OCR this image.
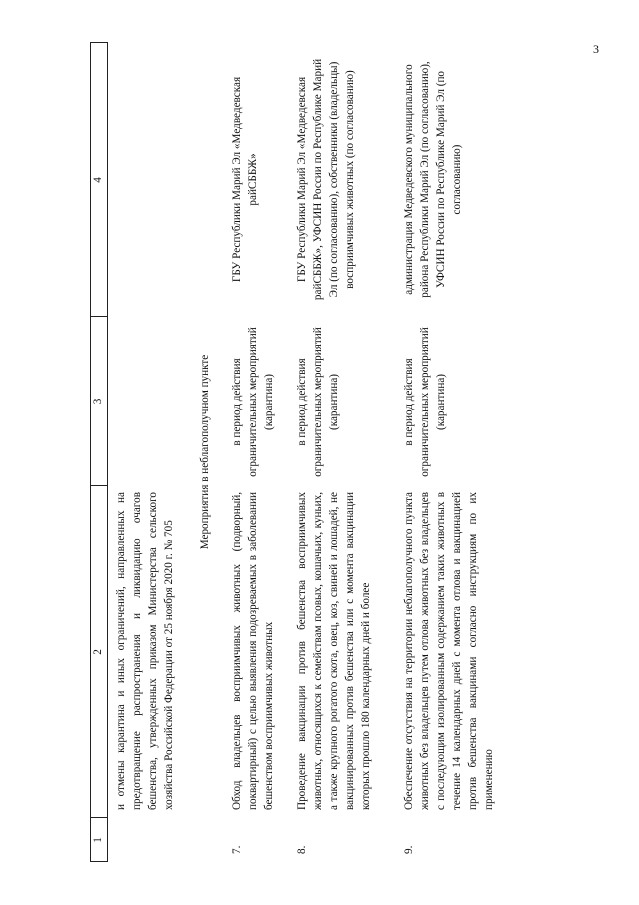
3
1
2
3
4
и отмены карантина и иных ограничений, направленных на предотвращение распространения и ликвидацию очагов бешенства, утвержденных приказом Министерства сельского хозяйства Российской Федерации от 25 ноября 2020 г. № 705
Мероприятия в неблагополучном пункте
7.
Обход владельцев восприимчивых животных (подворный, поквартирный) с целью выявления подозреваемых в заболевании бешенством восприимчивых животных
в период действия ограничительных мероприятий (карантина)
ГБУ Республики Марий Эл «Медведевская райСББЖ»
8.
Проведение вакцинации против бешенства восприимчивых животных, относящихся к семействам псовых, кошачьих, куньих, а также крупного рогатого скота, овец, коз, свиней и лошадей, не вакцинированных против бешенства или с момента вакцинации которых прошло 180 календарных дней и более
в период действия ограничительных мероприятий (карантина)
ГБУ Республики Марий Эл «Медведевская райСББЖ», УФСИН России по Республике Марий Эл (по согласованию), собственники (владельцы) восприимчивых животных (по согласованию)
9.
Обеспечение отсутствия на территории неблагополучного пункта животных без владельцев путем отлова животных без владельцев с последующим изолированным содержанием таких животных в течение 14 календарных дней с момента отлова и вакцинацией против бешенства вакцинами согласно инструкциям по их применению
в период действия ограничительных мероприятий (карантина)
администрация Медведевского муниципального района Республики Марий Эл (по согласованию), УФСИН России по Республике Марий Эл (по согласованию)
